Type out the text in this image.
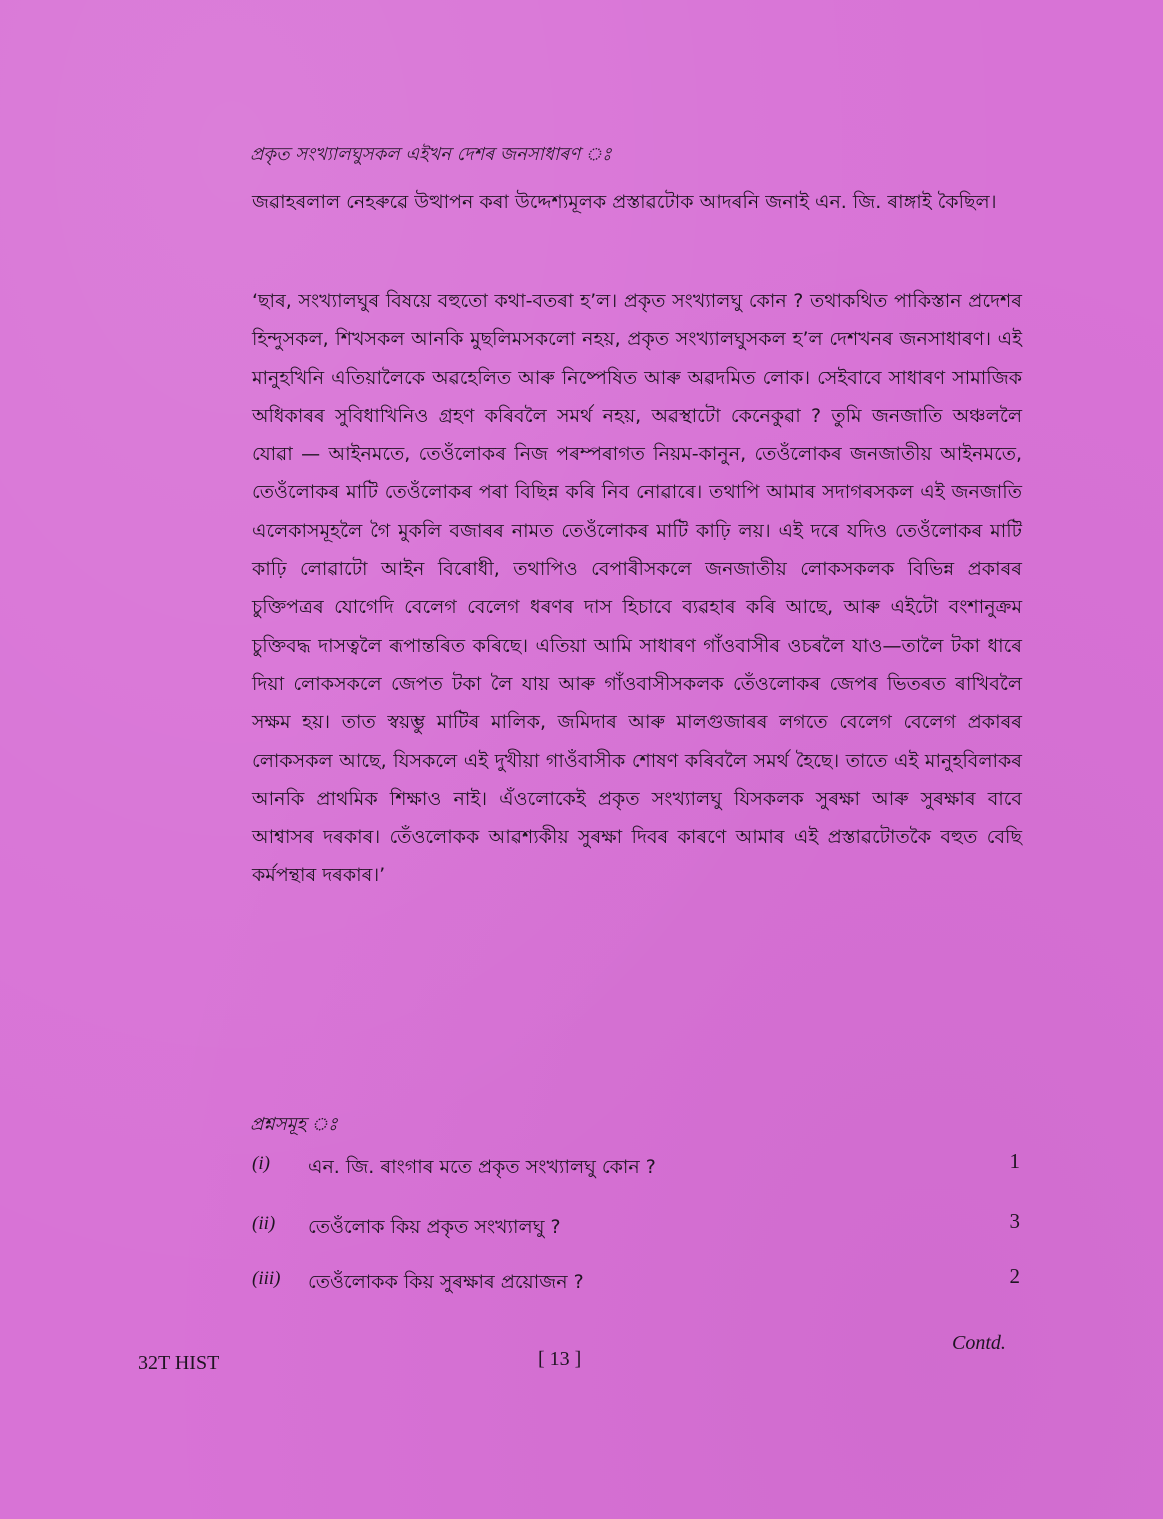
প্ৰকৃত সংখ্যালঘুসকল এইখন দেশৰ জনসাধাৰণ ঃ

জৱাহৰলাল নেহৰুৱে উত্থাপন কৰা উদ্দেশ্যমূলক প্ৰস্তাৱটোক আদৰনি জনাই এন. জি. ৰাঙ্গাই কৈছিল।

‘ছাৰ, সংখ্যালঘুৰ বিষয়ে বহুতো কথা-বতৰা হ’ল। প্ৰকৃত সংখ্যালঘু কোন ? তথাকথিত পাকিস্তান প্ৰদেশৰ হিন্দুসকল, শিখসকল আনকি মুছলিমসকলো নহয়, প্ৰকৃত সংখ্যালঘুসকল হ’ল দেশখনৰ জনসাধাৰণ। এই মানুহখিনি এতিয়ালৈকে অৱহেলিত আৰু নিষ্পেষিত আৰু অৱদমিত লোক। সেইবাবে সাধাৰণ সামাজিক অধিকাৰৰ সুবিধাখিনিও গ্ৰহণ কৰিবলৈ সমৰ্থ নহয়, অৱস্থাটো কেনেকুৱা ? তুমি জনজাতি অঞ্চললৈ যোৱা — আইনমতে, তেওঁলোকৰ নিজ পৰম্পৰাগত নিয়ম-কানুন, তেওঁলোকৰ জনজাতীয় আইনমতে, তেওঁলোকৰ মাটি তেওঁলোকৰ পৰা বিছিন্ন কৰি নিব নোৱাৰে। তথাপি আমাৰ সদাগৰসকল এই জনজাতি এলেকাসমূহলৈ গৈ মুকলি বজাৰৰ নামত তেওঁলোকৰ মাটি কাঢ়ি লয়। এই দৰে যদিও তেওঁলোকৰ মাটি কাঢ়ি লোৱাটো আইন বিৰোধী, তথাপিও বেপাৰীসকলে জনজাতীয় লোকসকলক বিভিন্ন প্ৰকাৰৰ চুক্তিপত্ৰৰ যোগেদি বেলেগ বেলেগ ধৰণৰ দাস হিচাবে ব্যৱহাৰ কৰি আছে, আৰু এইটো বংশানুক্ৰম চুক্তিবদ্ধ দাসত্বলৈ ৰূপান্তৰিত কৰিছে। এতিয়া আমি সাধাৰণ গাঁওবাসীৰ ওচৰলৈ যাও—তালৈ টকা ধাৰে দিয়া লোকসকলে জেপত টকা লৈ যায় আৰু গাঁওবাসীসকলক তেঁওলোকৰ জেপৰ ভিতৰত ৰাখিবলৈ সক্ষম হয়। তাত স্বয়ম্ভু মাটিৰ মালিক, জমিদাৰ আৰু মালগুজাৰৰ লগতে বেলেগ বেলেগ প্ৰকাৰৰ লোকসকল আছে, যিসকলে এই দুখীয়া গাওঁবাসীক শোষণ কৰিবলৈ সমৰ্থ হৈছে। তাতে এই মানুহবিলাকৰ আনকি প্ৰাথমিক শিক্ষাও নাই। এঁওলোকেই প্ৰকৃত সংখ্যালঘু যিসকলক সুৰক্ষা আৰু সুৰক্ষাৰ বাবে আশ্বাসৰ দৰকাৰ। তেঁওলোকক আৱশ্যকীয় সুৰক্ষা দিবৰ কাৰণে আমাৰ এই প্ৰস্তাৱটোতকৈ বহুত বেছি কৰ্মপন্থাৰ দৰকাৰ।’

প্ৰশ্নসমূহ ঃ
(i) এন. জি. ৰাংগাৰ মতে প্ৰকৃত সংখ্যালঘু কোন ?	1
(ii) তেওঁলোক কিয় প্ৰকৃত সংখ্যালঘু ?	3
(iii) তেওঁলোকক কিয় সুৰক্ষাৰ প্ৰয়োজন ?	2
32T HIST	[ 13 ]
Contd.
